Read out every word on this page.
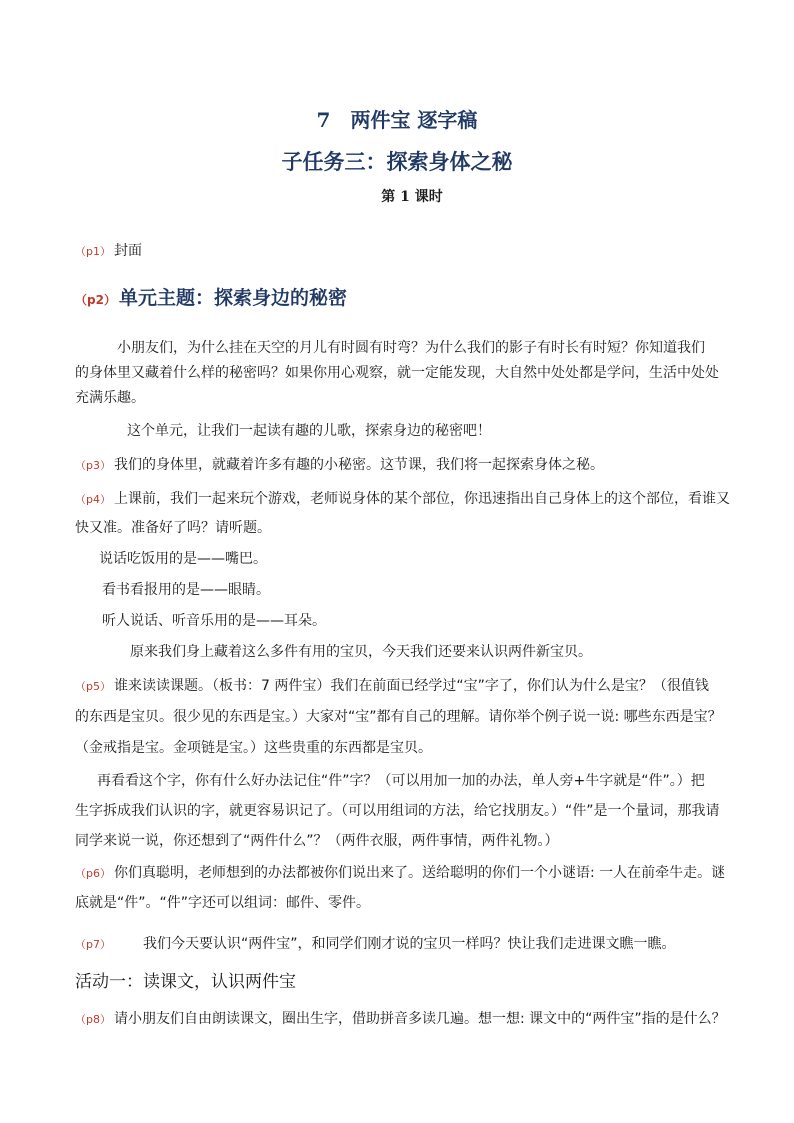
7　两件宝 逐字稿
子任务三：探索身体之秘
第 1 课时
（p1） 封面
（p2） 单元主题：探索身边的秘密
小朋友们，为什么挂在天空的月儿有时圆有时弯？为什么我们的影子有时长有时短？你知道我们
的身体里又藏着什么样的秘密吗？如果你用心观察，就一定能发现，大自然中处处都是学问，生活中处处
充满乐趣。
这个单元，让我们一起读有趣的儿歌，探索身边的秘密吧！
（p3） 我们的身体里，就藏着许多有趣的小秘密。这节课，我们将一起探索身体之秘。
（p4） 上课前，我们一起来玩个游戏，老师说身体的某个部位，你迅速指出自己身体上的这个部位，看谁又
快又准。准备好了吗？请听题。
说话吃饭用的是——嘴巴。
看书看报用的是——眼睛。
听人说话、听音乐用的是——耳朵。
原来我们身上藏着这么多件有用的宝贝，今天我们还要来认识两件新宝贝。
（p5） 谁来读读课题。（板书：7 两件宝）我们在前面已经学过“宝”字了，你们认为什么是宝？（很值钱
的东西是宝贝。很少见的东西是宝。）大家对“宝”都有自己的理解。请你举个例子说一说: 哪些东西是宝？
（金戒指是宝。金项链是宝。）这些贵重的东西都是宝贝。
再看看这个字，你有什么好办法记住“件”字？（可以用加一加的办法，单人旁+牛字就是“件”。）把
生字拆成我们认识的字，就更容易识记了。（可以用组词的方法，给它找朋友。）“件”是一个量词，那我请
同学来说一说，你还想到了“两件什么”？（两件衣服，两件事情，两件礼物。）
（p6） 你们真聪明，老师想到的办法都被你们说出来了。送给聪明的你们一个小谜语: 一人在前牵牛走。谜
底就是“件”。“件”字还可以组词：邮件、零件。
（p7） 我们今天要认识“两件宝”，和同学们刚才说的宝贝一样吗？快让我们走进课文瞧一瞧。
活动一：读课文，认识两件宝
（p8） 请小朋友们自由朗读课文，圈出生字，借助拼音多读几遍。想一想: 课文中的“两件宝”指的是什么？
